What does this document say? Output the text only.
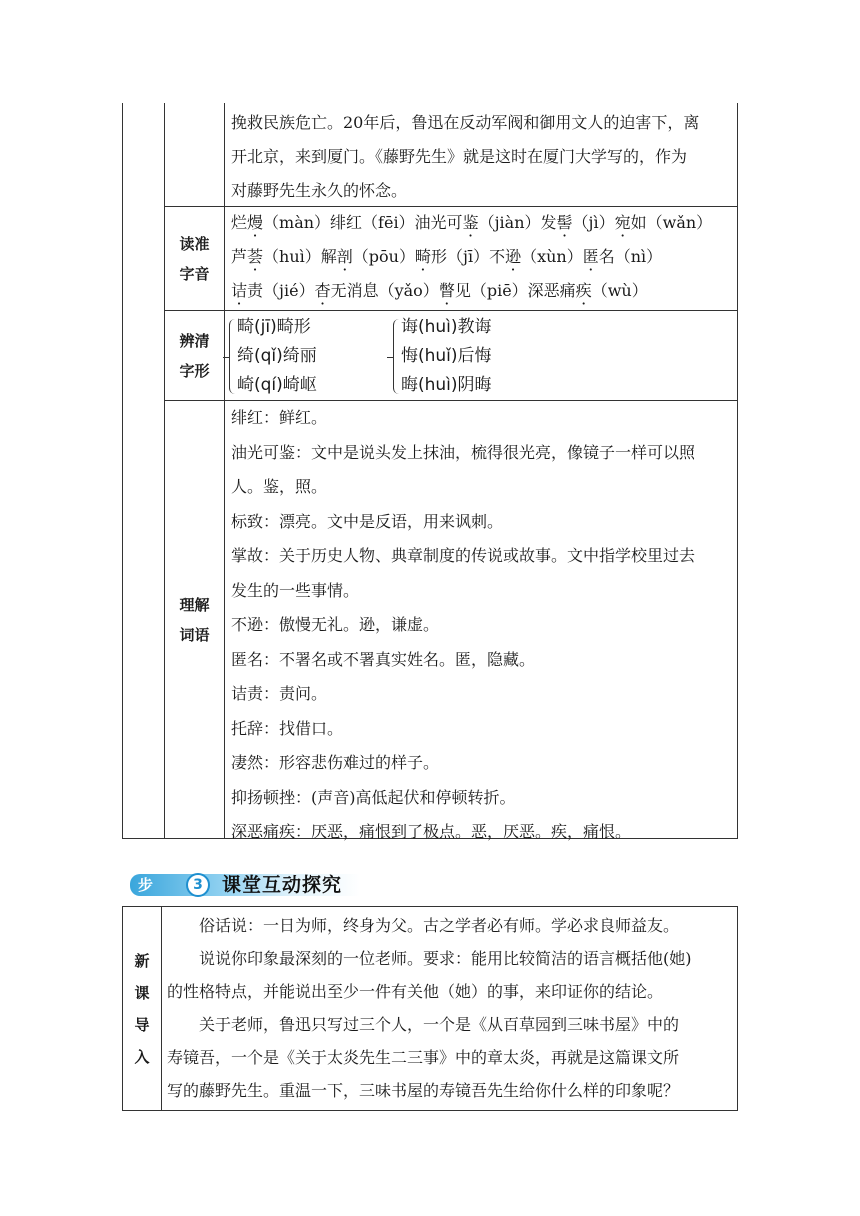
挽救民族危亡。20年后，鲁迅在反动军阀和御用文人的迫害下，离
开北京，来到厦门。《藤野先生》就是这时在厦门大学写的，作为
对藤野先生永久的怀念。
读准
字音
烂熳（màn）绯红（fēi）油光可鉴（jiàn）发髻（jì）宛如（wǎn）
芦荟（huì）解剖（pōu）畸形（jī）不逊（xùn）匿名（nì）
诘责（jié）杳无消息（yǎo）瞥见（piē）深恶痛疾（wù）
辨清
字形
畸(jī)畸形
绮(qǐ)绮丽
崎(qí)崎岖
诲(huì)教诲
悔(huǐ)后悔
晦(huì)阴晦
理解
词语
绯红：鲜红。
油光可鉴：文中是说头发上抹油，梳得很光亮，像镜子一样可以照
人。鉴，照。
标致：漂亮。文中是反语，用来讽刺。
掌故：关于历史人物、典章制度的传说或故事。文中指学校里过去
发生的一些事情。
不逊：傲慢无礼。逊，谦虚。
匿名：不署名或不署真实姓名。匿，隐藏。
诘责：责问。
托辞：找借口。
凄然：形容悲伤难过的样子。
抑扬顿挫：(声音)高低起伏和停顿转折。
深恶痛疾：厌恶，痛恨到了极点。恶，厌恶。疾，痛恨。
步骤
3	课堂互动探究
新
课
导
入
俗话说：一日为师，终身为父。古之学者必有师。学必求良师益友。
说说你印象最深刻的一位老师。要求：能用比较简洁的语言概括他(她)
的性格特点，并能说出至少一件有关他（她）的事，来印证你的结论。
关于老师，鲁迅只写过三个人，一个是《从百草园到三味书屋》中的
寿镜吾，一个是《关于太炎先生二三事》中的章太炎，再就是这篇课文所
写的藤野先生。重温一下，三味书屋的寿镜吾先生给你什么样的印象呢？
